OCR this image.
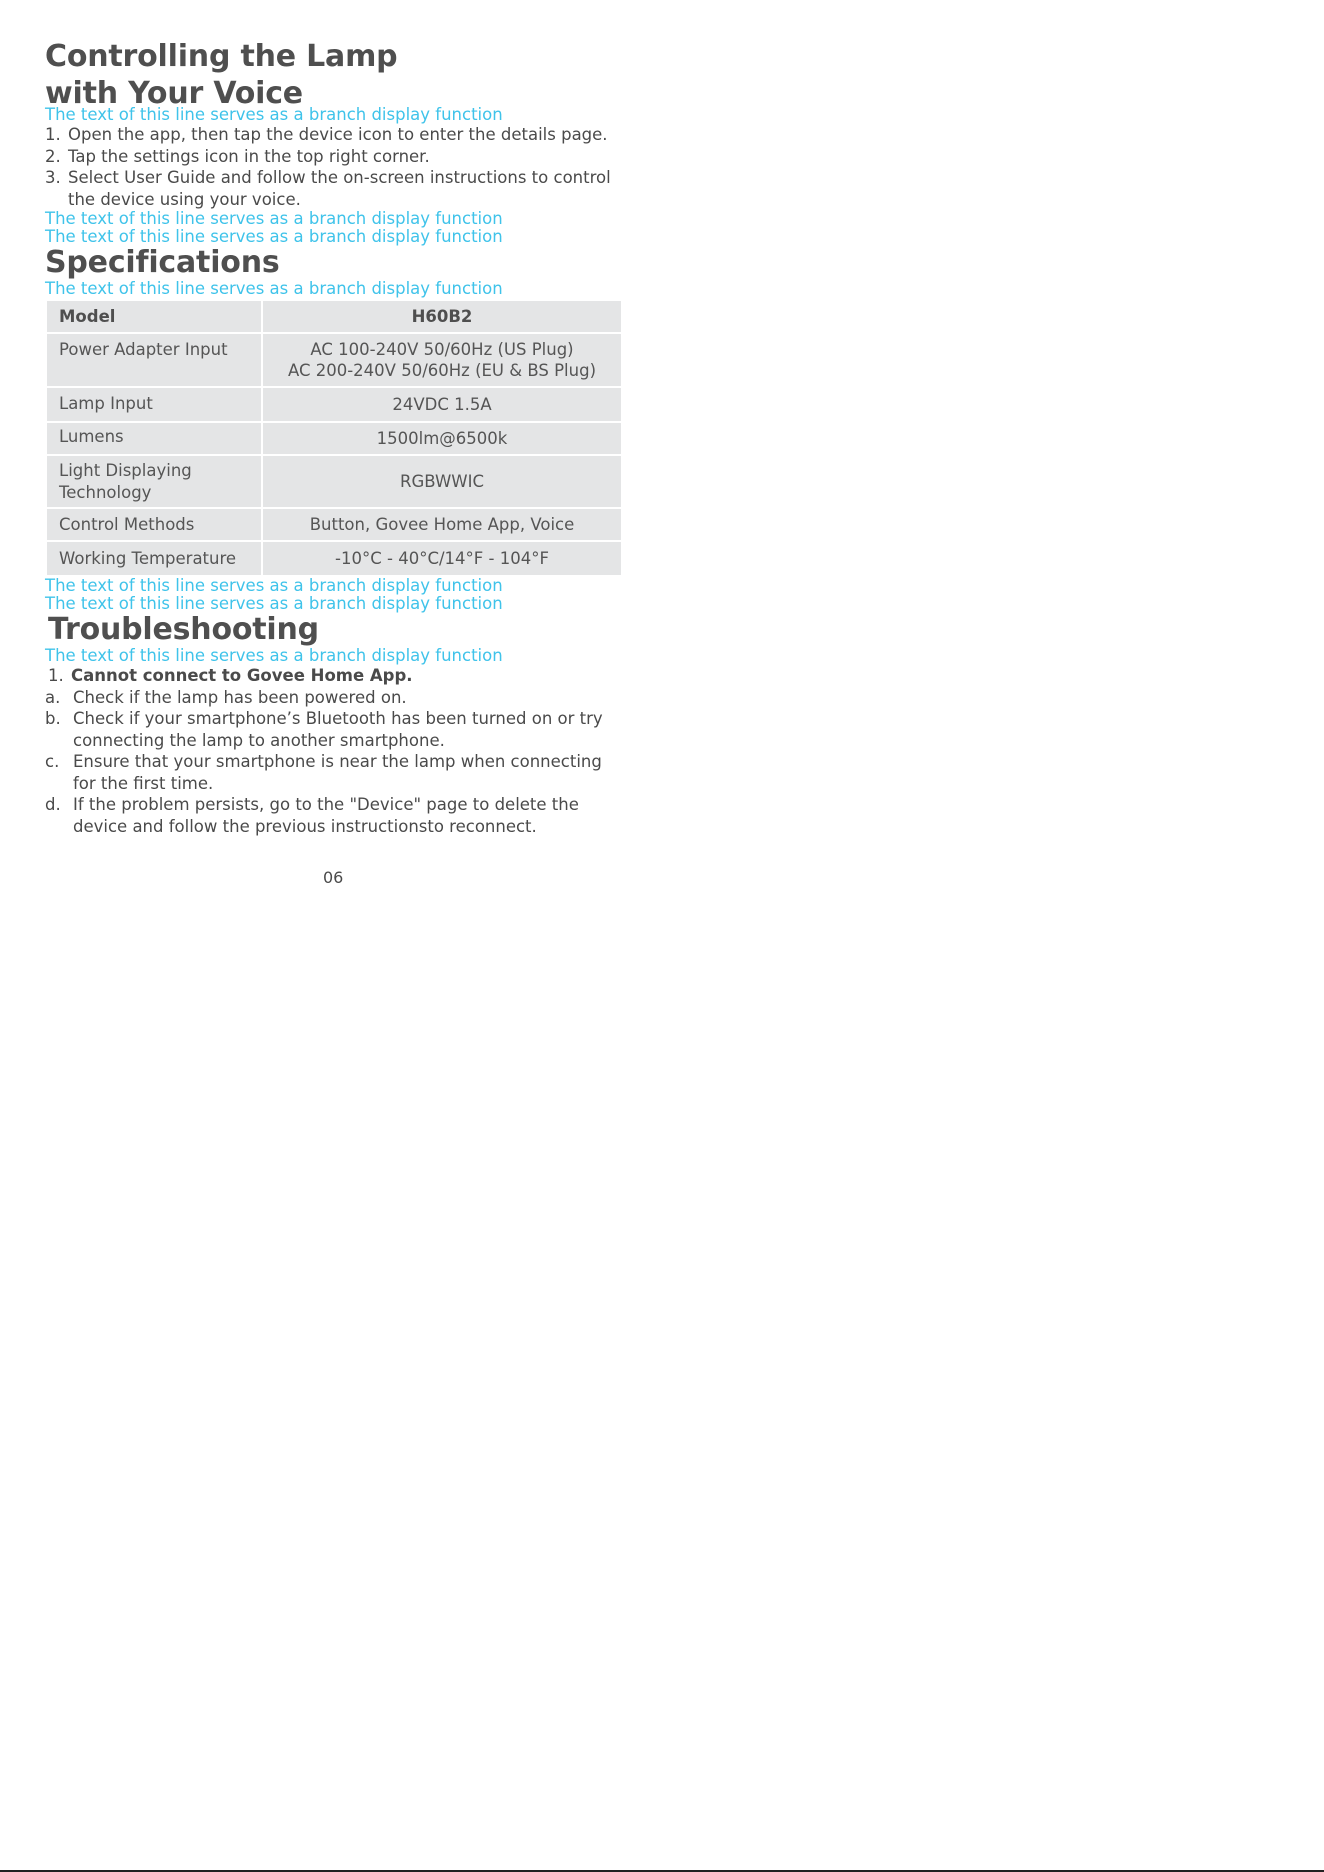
Controlling the Lamp
with Your Voice
The text of this line serves as a branch display function
1. Open the app, then tap the device icon to enter the details page.
2. Tap the settings icon in the top right corner.
3. Select User Guide and follow the on-screen instructions to control the device using your voice.
The text of this line serves as a branch display function
The text of this line serves as a branch display function
Specifications
The text of this line serves as a branch display function
Model	H60B2
Power Adapter Input	AC 100-240V 50/60Hz (US Plug)
AC 200-240V 50/60Hz (EU & BS Plug)
Lamp Input	24VDC 1.5A
Lumens	1500lm@6500k
Light Displaying
Technology	RGBWWIC
Control Methods	Button, Govee Home App, Voice
Working Temperature	-10°C - 40°C/14°F - 104°F
The text of this line serves as a branch display function
The text of this line serves as a branch display function
Troubleshooting
The text of this line serves as a branch display function
1. Cannot connect to Govee Home App.
a. Check if the lamp has been powered on.
b. Check if your smartphone’s Bluetooth has been turned on or try connecting the lamp to another smartphone.
c. Ensure that your smartphone is near the lamp when connecting for the first time.
d. If the problem persists, go to the "Device" page to delete the device and follow the previous instructionsto reconnect.
06
